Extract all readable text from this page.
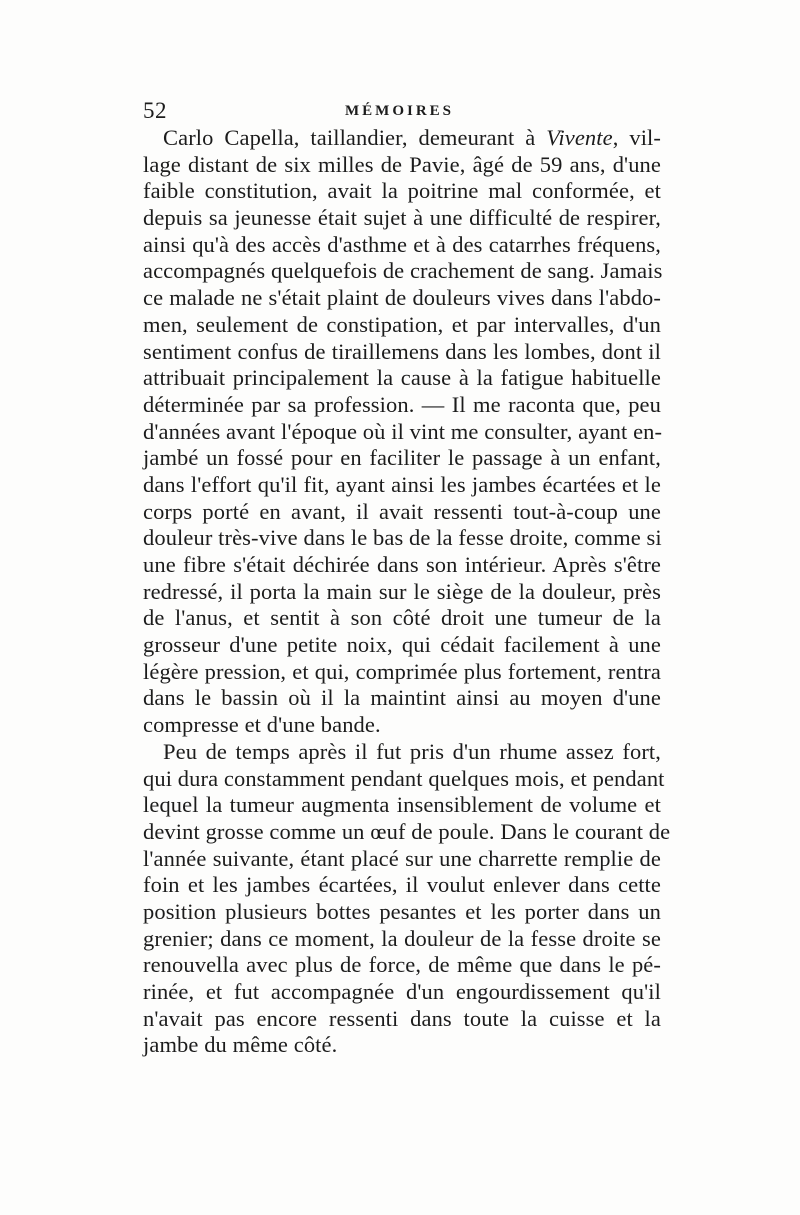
52	MÉMOIRES
Carlo Capella, taillandier, demeurant à Vivente, vil-
lage distant de six milles de Pavie, âgé de 59 ans, d'une
faible constitution, avait la poitrine mal conformée, et
depuis sa jeunesse était sujet à une difficulté de respirer,
ainsi qu'à des accès d'asthme et à des catarrhes fréquens,
accompagnés quelquefois de crachement de sang. Jamais
ce malade ne s'était plaint de douleurs vives dans l'abdo-
men, seulement de constipation, et par intervalles, d'un
sentiment confus de tiraillemens dans les lombes, dont il
attribuait principalement la cause à la fatigue habituelle
déterminée par sa profession. — Il me raconta que, peu
d'années avant l'époque où il vint me consulter, ayant en-
jambé un fossé pour en faciliter le passage à un enfant,
dans l'effort qu'il fit, ayant ainsi les jambes écartées et le
corps porté en avant, il avait ressenti tout-à-coup une
douleur très-vive dans le bas de la fesse droite, comme si
une fibre s'était déchirée dans son intérieur. Après s'être
redressé, il porta la main sur le siège de la douleur, près
de l'anus, et sentit à son côté droit une tumeur de la
grosseur d'une petite noix, qui cédait facilement à une
légère pression, et qui, comprimée plus fortement, rentra
dans le bassin où il la maintint ainsi au moyen d'une
compresse et d'une bande.
Peu de temps après il fut pris d'un rhume assez fort,
qui dura constamment pendant quelques mois, et pendant
lequel la tumeur augmenta insensiblement de volume et
devint grosse comme un œuf de poule. Dans le courant de
l'année suivante, étant placé sur une charrette remplie de
foin et les jambes écartées, il voulut enlever dans cette
position plusieurs bottes pesantes et les porter dans un
grenier; dans ce moment, la douleur de la fesse droite se
renouvella avec plus de force, de même que dans le pé-
rinée, et fut accompagnée d'un engourdissement qu'il
n'avait pas encore ressenti dans toute la cuisse et la
jambe du même côté.
